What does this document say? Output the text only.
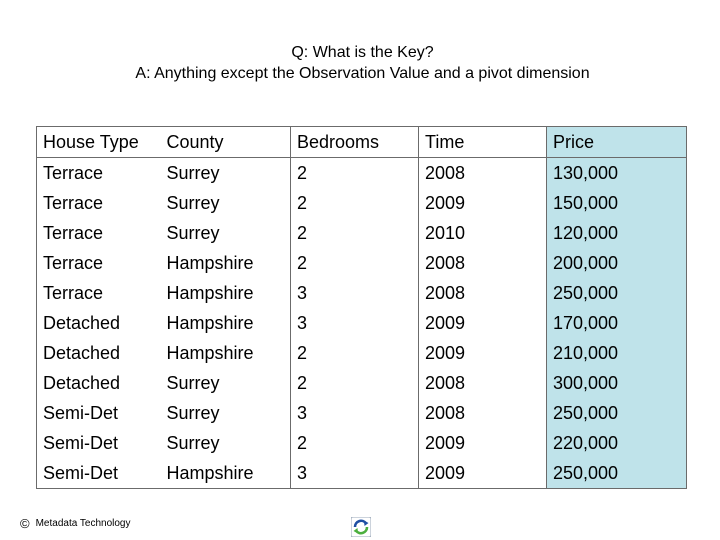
Q: What is the Key?
A: Anything except the Observation Value and a pivot dimension
House Type	County	Bedrooms	Time	Price
Terrace	Surrey	2	2008	130,000
Terrace	Surrey	2	2009	150,000
Terrace	Surrey	2	2010	120,000
Terrace	Hampshire	2	2008	200,000
Terrace	Hampshire	3	2008	250,000
Detached	Hampshire	3	2009	170,000
Detached	Hampshire	2	2009	210,000
Detached	Surrey	2	2008	300,000
Semi-Det	Surrey	3	2008	250,000
Semi-Det	Surrey	2	2009	220,000
Semi-Det	Hampshire	3	2009	250,000
© Metadata Technology
